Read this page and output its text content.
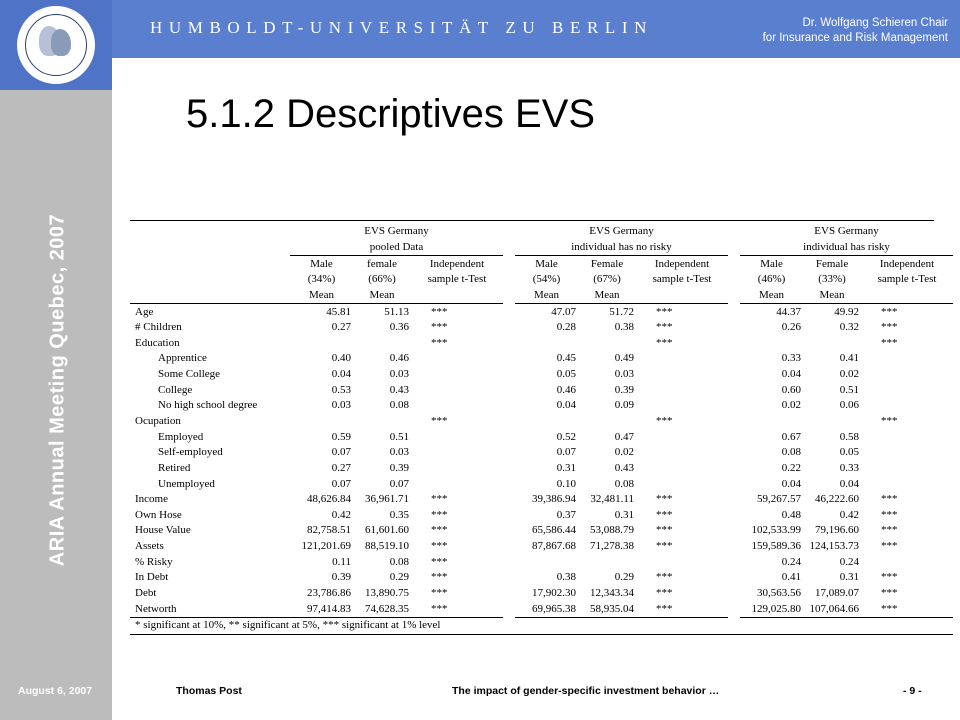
HUMBOLDT-UNIVERSITÄT ZU BERLIN	Dr. Wolfgang Schieren Chair
for Insurance and Risk Management
ARIA Annual Meeting Quebec, 2007
5.1.2 Descriptives EVS
	EVS Germany				EVS Germany				EVS Germany		
	pooled Data				individual has no risky				individual has risky		
	Male	female	Independent		Male	Female	Independent		Male	Female	Independent
	(34%)	(66%)	sample t-Test		(54%)	(67%)	sample t-Test		(46%)	(33%)	sample t-Test
	Mean	Mean			Mean	Mean			Mean	Mean	
Age	45.81	51.13	***		47.07	51.72	***		44.37	49.92	***
# Children	0.27	0.36	***		0.28	0.38	***		0.26	0.32	***
Education			***				***				***
Apprentice	0.40	0.46			0.45	0.49			0.33	0.41	
Some College	0.04	0.03			0.05	0.03			0.04	0.02	
College	0.53	0.43			0.46	0.39			0.60	0.51	
No high school degree	0.03	0.08			0.04	0.09			0.02	0.06	
Ocupation			***				***				***
Employed	0.59	0.51			0.52	0.47			0.67	0.58	
Self-employed	0.07	0.03			0.07	0.02			0.08	0.05	
Retired	0.27	0.39			0.31	0.43			0.22	0.33	
Unemployed	0.07	0.07			0.10	0.08			0.04	0.04	
Income	48,626.84	36,961.71	***		39,386.94	32,481.11	***		59,267.57	46,222.60	***
Own Hose	0.42	0.35	***		0.37	0.31	***		0.48	0.42	***
House Value	82,758.51	61,601.60	***		65,586.44	53,088.79	***		102,533.99	79,196.60	***
Assets	121,201.69	88,519.10	***		87,867.68	71,278.38	***		159,589.36	124,153.73	***
% Risky	0.11	0.08	***						0.24	0.24	
In Debt	0.39	0.29	***		0.38	0.29	***		0.41	0.31	***
Debt	23,786.86	13,890.75	***		17,902.30	12,343.34	***		30,563.56	17,089.07	***
Networth	97,414.83	74,628.35	***		69,965.38	58,935.04	***		129,025.80	107,064.66	***
* significant at 10%, ** significant at 5%, *** significant at 1% level											
August 6, 2007	Thomas Post	The impact of gender-specific investment behavior …	- 9 -
